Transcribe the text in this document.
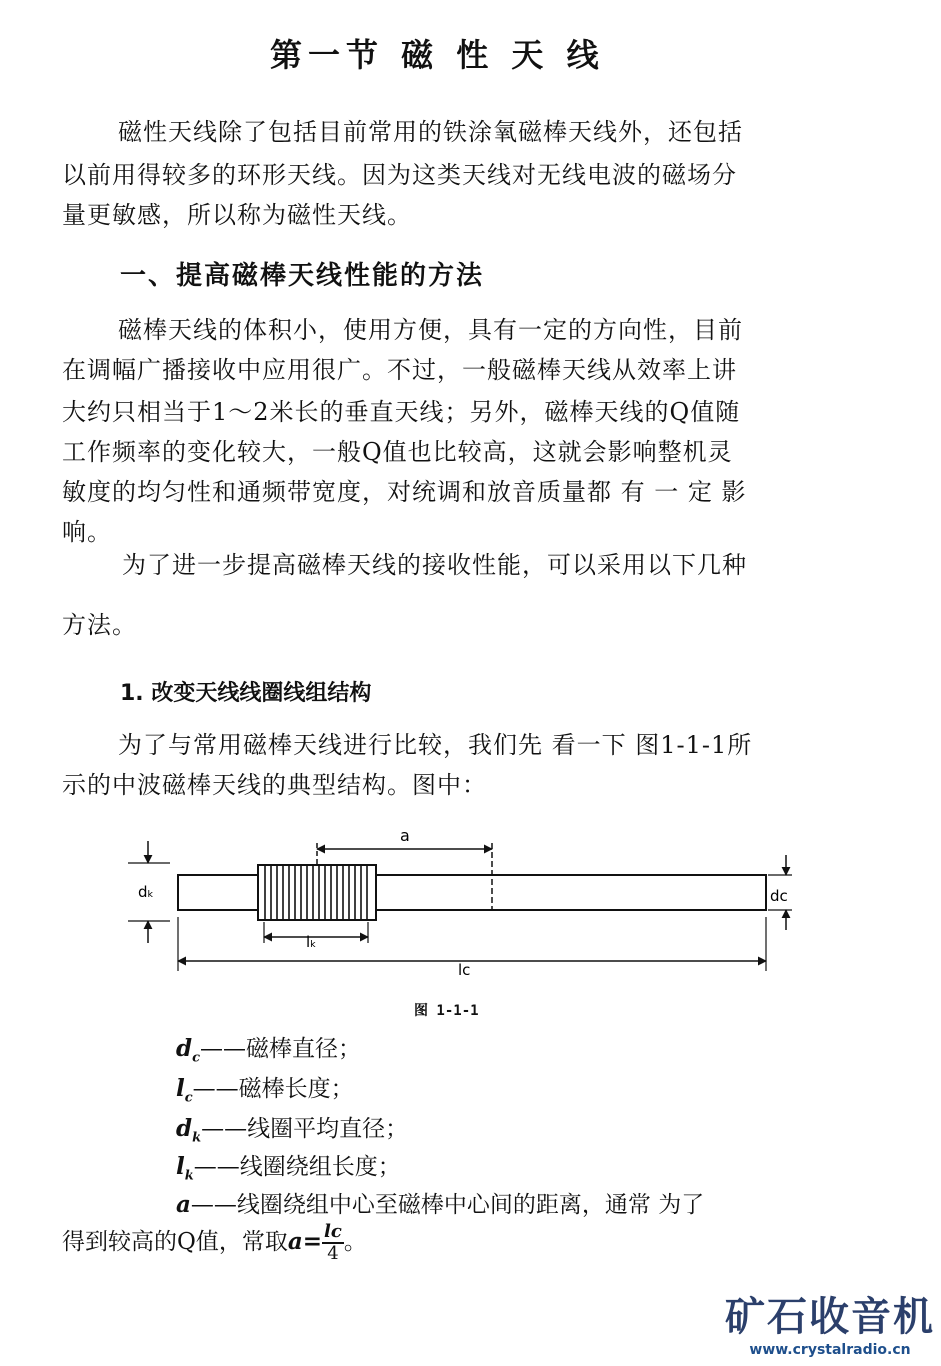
第一节 磁 性 天 线
磁性天线除了包括目前常用的铁涂氧磁棒天线外，还包括
以前用得较多的环形天线。因为这类天线对无线电波的磁场分
量更敏感，所以称为磁性天线。
一、提高磁棒天线性能的方法
磁棒天线的体积小，使用方便，具有一定的方向性，目前
在调幅广播接收中应用很广。不过，一般磁棒天线从效率上讲
大约只相当于1～2米长的垂直天线；另外，磁棒天线的Q值随
工作频率的变化较大，一般Q值也比较高，这就会影响整机灵
敏度的均匀性和通频带宽度，对统调和放音质量都 有 一 定 影
响。
为了进一步提高磁棒天线的接收性能，可以采用以下几种
方法。
1. 改变天线线圈线组结构
为了与常用磁棒天线进行比较，我们先 看一下 图1-1-1所
示的中波磁棒天线的典型结构。图中：
a
dₖ	dc
lₖ
lc
图 1-1-1
$d_c——$磁棒直径；
$l_c——$磁棒长度；
$d_k——$线圈平均直径；
$l_k——$线圈绕组长度；
a——线圈绕组中心至磁棒中心间的距离，通常 为了
得到较高的Q值，常取$a= \frac{lc}{4}$ 。
矿石收音机
www.crystalradio.cn
